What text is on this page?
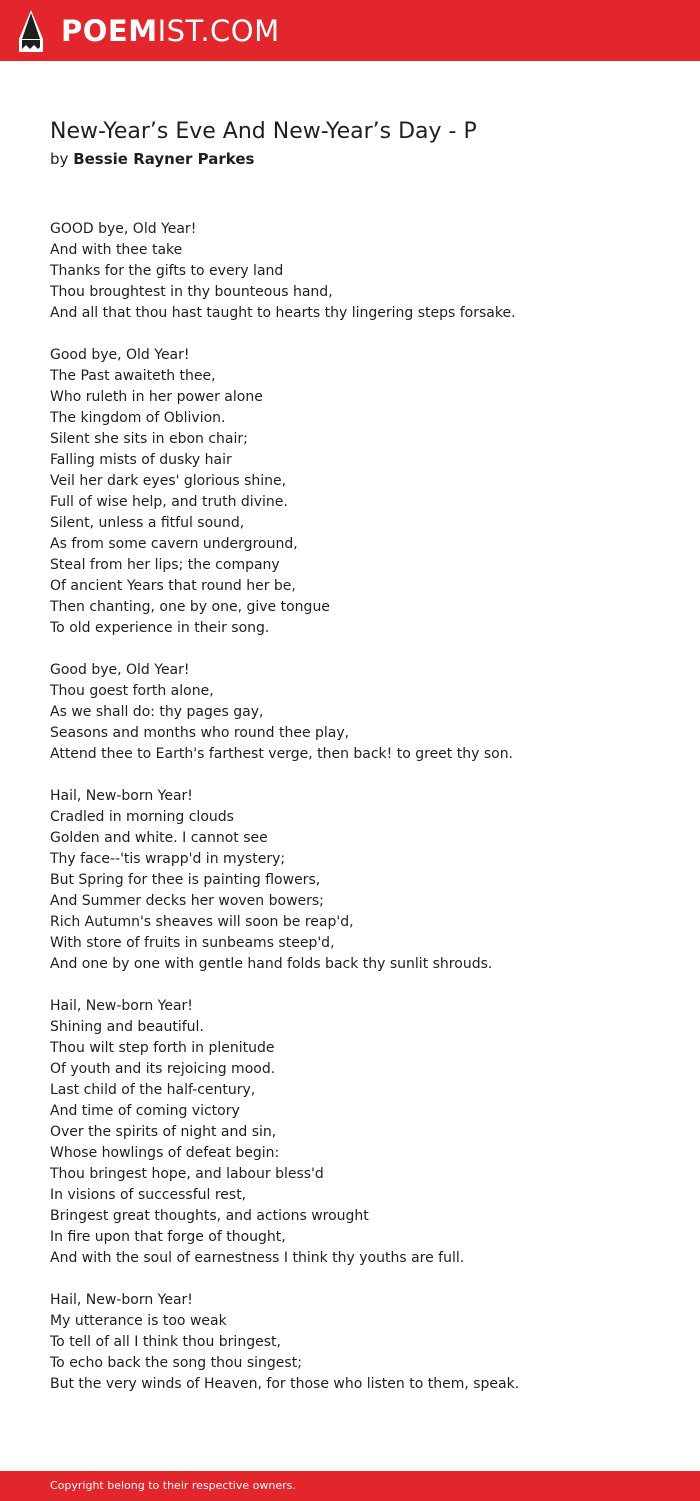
POEMIST.COM
New-Year’s Eve And New-Year’s Day - P
by Bessie Rayner Parkes
GOOD bye, Old Year!
And with thee take
Thanks for the gifts to every land
Thou broughtest in thy bounteous hand,
And all that thou hast taught to hearts thy lingering steps forsake.
Good bye, Old Year!
The Past awaiteth thee,
Who ruleth in her power alone
The kingdom of Oblivion.
Silent she sits in ebon chair;
Falling mists of dusky hair
Veil her dark eyes' glorious shine,
Full of wise help, and truth divine.
Silent, unless a fitful sound,
As from some cavern underground,
Steal from her lips; the company
Of ancient Years that round her be,
Then chanting, one by one, give tongue
To old experience in their song.
Good bye, Old Year!
Thou goest forth alone,
As we shall do: thy pages gay,
Seasons and months who round thee play,
Attend thee to Earth's farthest verge, then back! to greet thy son.
Hail, New-born Year!
Cradled in morning clouds
Golden and white. I cannot see
Thy face--'tis wrapp'd in mystery;
But Spring for thee is painting flowers,
And Summer decks her woven bowers;
Rich Autumn's sheaves will soon be reap'd,
With store of fruits in sunbeams steep'd,
And one by one with gentle hand folds back thy sunlit shrouds.
Hail, New-born Year!
Shining and beautiful.
Thou wilt step forth in plenitude
Of youth and its rejoicing mood.
Last child of the half-century,
And time of coming victory
Over the spirits of night and sin,
Whose howlings of defeat begin:
Thou bringest hope, and labour bless'd
In visions of successful rest,
Bringest great thoughts, and actions wrought
In fire upon that forge of thought,
And with the soul of earnestness I think thy youths are full.
Hail, New-born Year!
My utterance is too weak
To tell of all I think thou bringest,
To echo back the song thou singest;
But the very winds of Heaven, for those who listen to them, speak.
Copyright belong to their respective owners.
